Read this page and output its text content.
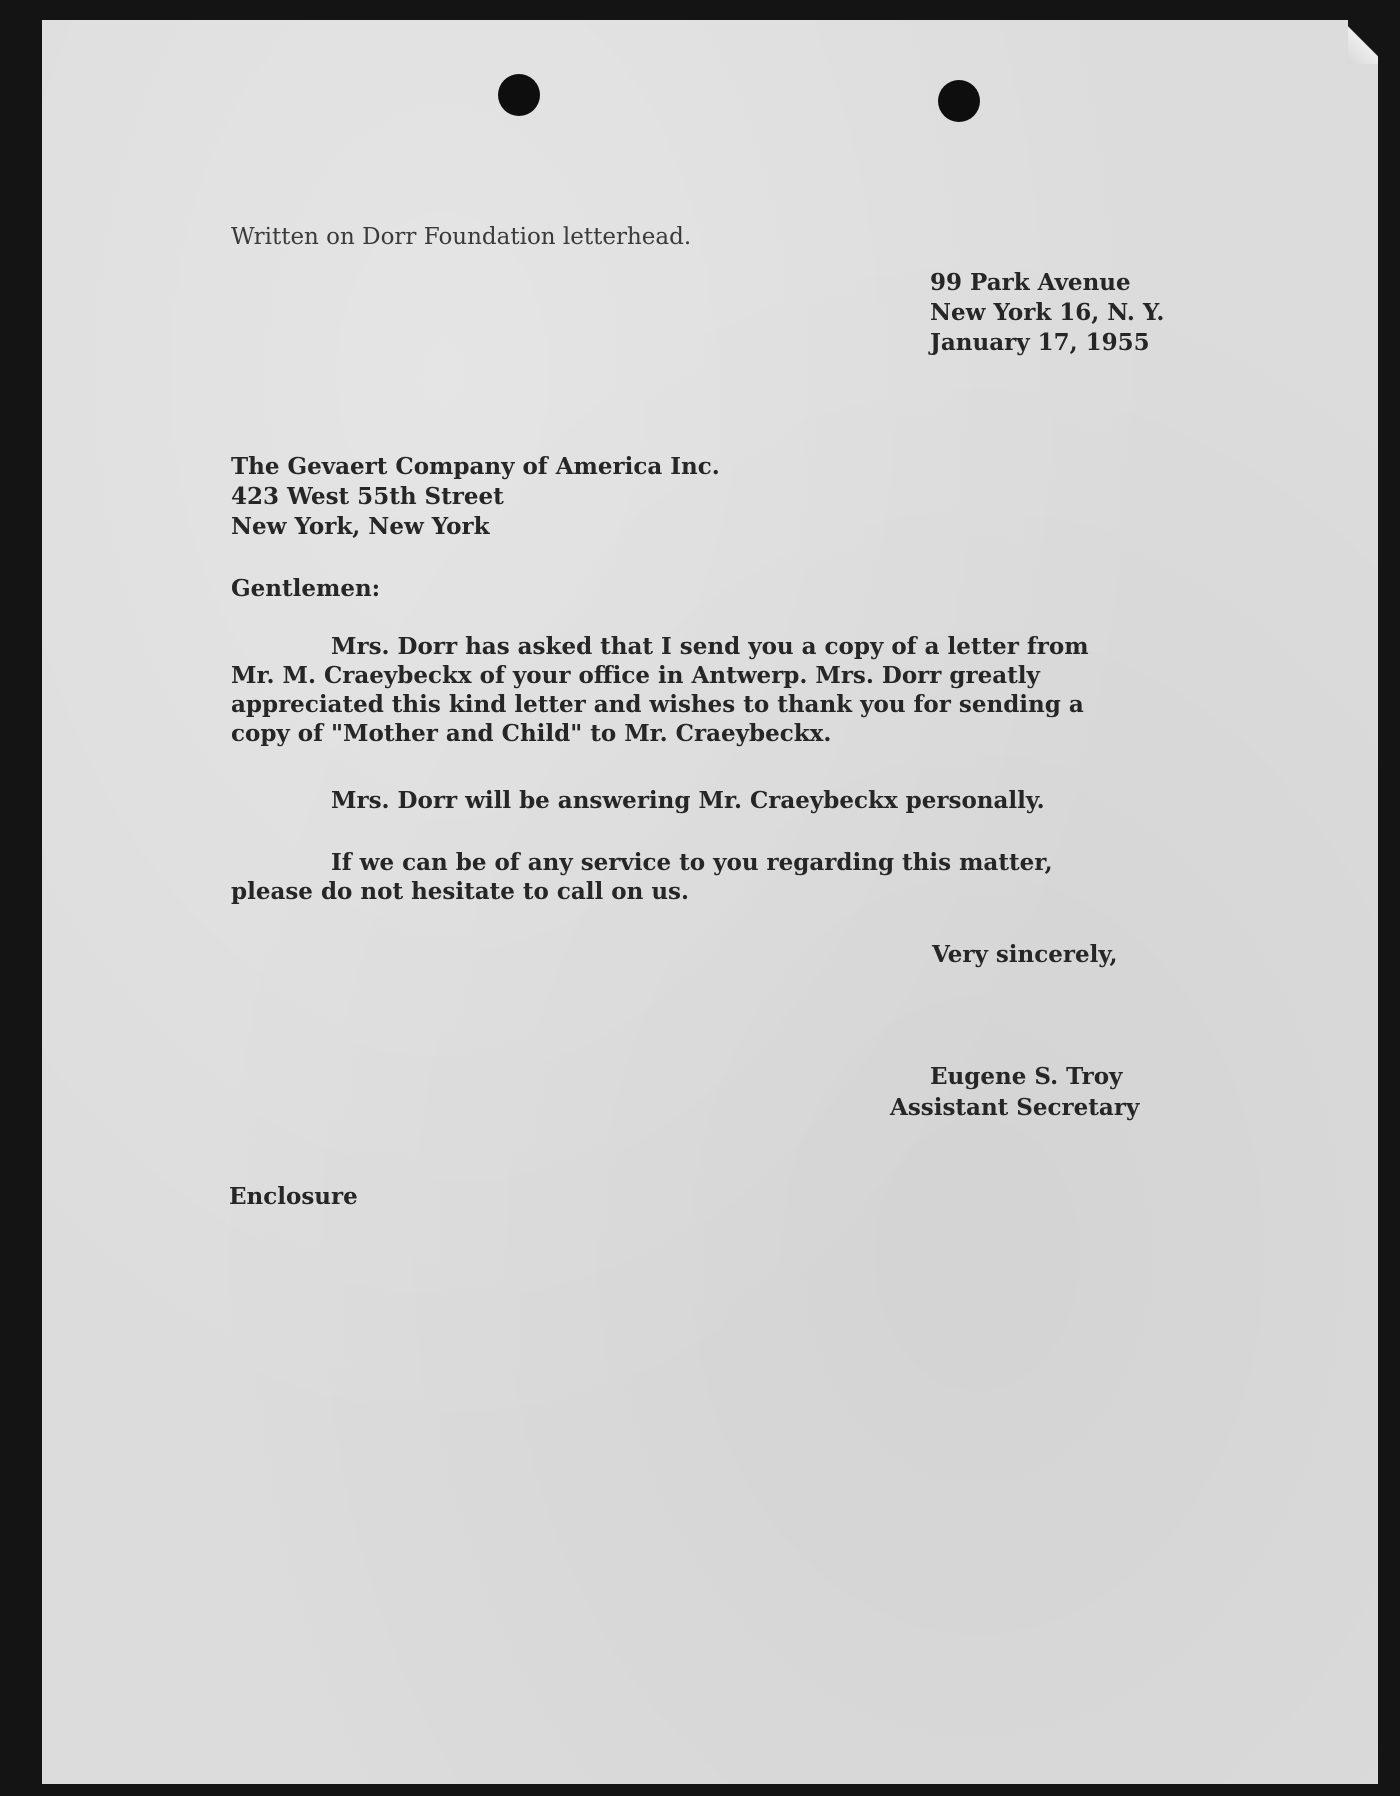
Written on Dorr Foundation letterhead.
99 Park Avenue
New York 16, N. Y.
January 17, 1955
The Gevaert Company of America Inc.
423 West 55th Street
New York, New York
Gentlemen:
Mrs. Dorr has asked that I send you a copy of a letter from
Mr. M. Craeybeckx of your office in Antwerp. Mrs. Dorr greatly
appreciated this kind letter and wishes to thank you for sending a
copy of "Mother and Child" to Mr. Craeybeckx.
Mrs. Dorr will be answering Mr. Craeybeckx personally.
If we can be of any service to you regarding this matter,
please do not hesitate to call on us.
Very sincerely,
Eugene S. Troy
Assistant Secretary
Enclosure
